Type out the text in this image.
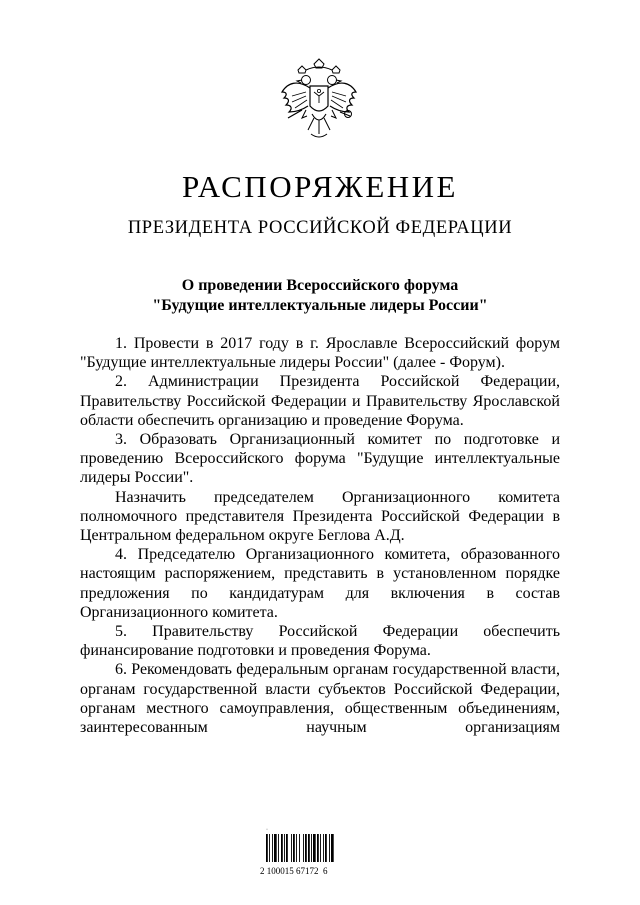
РАСПОРЯЖЕНИЕ
ПРЕЗИДЕНТА РОССИЙСКОЙ ФЕДЕРАЦИИ
О проведении Всероссийского форума
"Будущие интеллектуальные лидеры России"
1. Провести в 2017 году в г. Ярославле Всероссийский форум "Будущие интеллектуальные лидеры России" (далее - Форум).
2. Администрации Президента Российской Федерации, Правительству Российской Федерации и Правительству Ярославской области обеспечить организацию и проведение Форума.
3. Образовать Организационный комитет по подготовке и проведению Всероссийского форума "Будущие интеллектуальные лидеры России".
Назначить председателем Организационного комитета полномочного представителя Президента Российской Федерации в Центральном федеральном округе Беглова А.Д.
4. Председателю Организационного комитета, образованного настоящим распоряжением, представить в установленном порядке предложения по кандидатурам для включения в состав Организационного комитета.
5. Правительству Российской Федерации обеспечить финансирование подготовки и проведения Форума.
6. Рекомендовать федеральным органам государственной власти, органам государственной власти субъектов Российской Федерации, органам местного самоуправления, общественным объединениям, заинтересованным научным организациям
·
2 100015 67172  6
